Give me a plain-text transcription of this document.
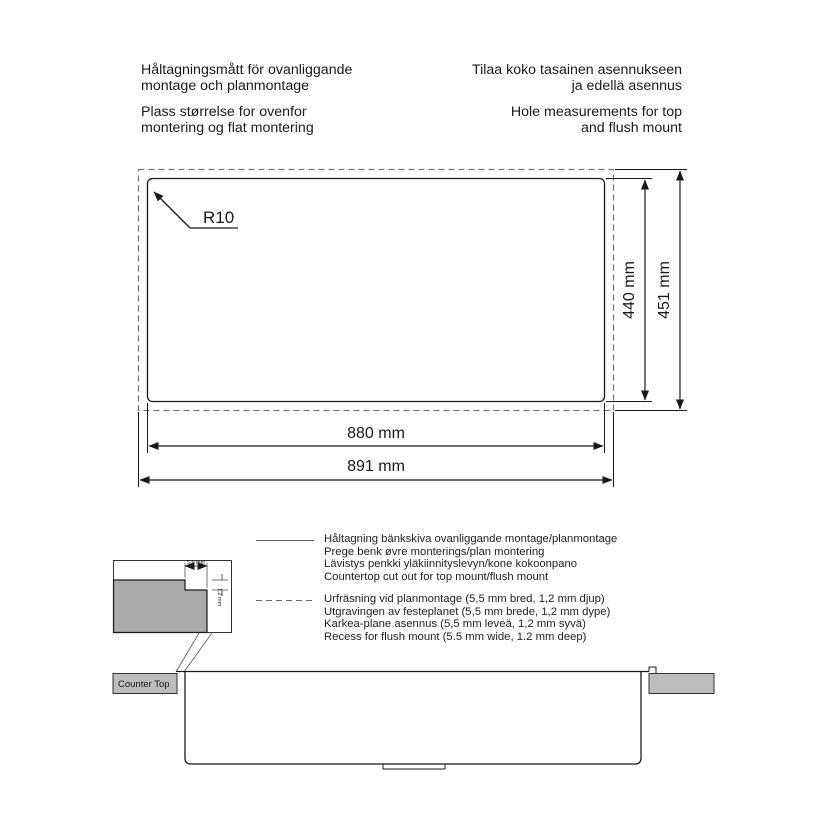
Håltagningsmått för ovanliggande
montage och planmontage
Plass størrelse for ovenfor
montering og flat montering
Tilaa koko tasainen asennukseen
ja edellä asennus
Hole measurements for top
and flush mount
Håltagning bänkskiva ovanliggande montage/planmontage
Prege benk øvre monterings/plan montering
Lävistys penkki yläkiinnityslevyn/kone kokoonpano
Countertop cut out for top mount/flush mount
Urfräsning vid planmontage (5,5 mm bred, 1,2 mm djup)
Utgravingen av festeplanet (5,5 mm brede, 1,2 mm dype)
Karkea-plane asennus (5,5 mm leveä, 1,2 mm syvä)
Recess for flush mount (5.5 mm wide, 1.2 mm deep)
R10
440 mm 451 mm
880 mm
891 mm
5,5 mm
1,2 mm
Counter Top
